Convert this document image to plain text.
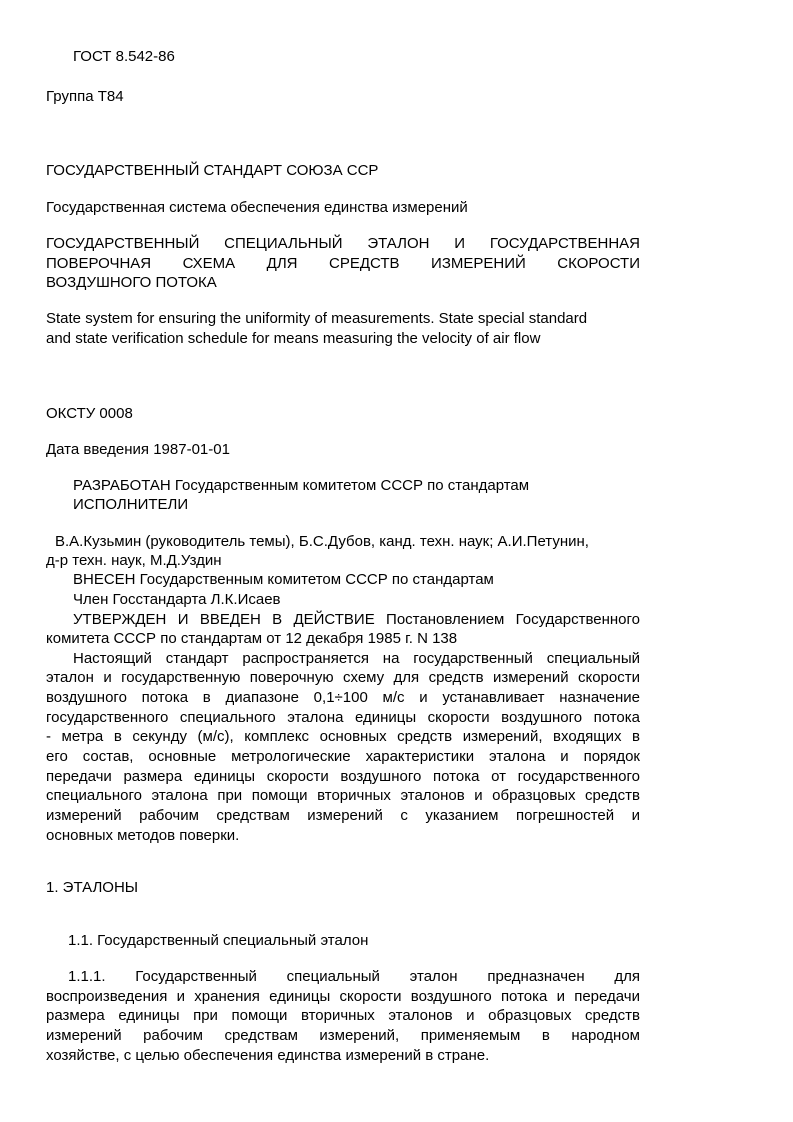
ГОСТ 8.542-86
Группа Т84
ГОСУДАРСТВЕННЫЙ СТАНДАРТ СОЮЗА ССР
Государственная система обеспечения единства измерений
ГОСУДАРСТВЕННЫЙ СПЕЦИАЛЬНЫЙ ЭТАЛОН И ГОСУДАРСТВЕННАЯ
ПОВЕРОЧНАЯ СХЕМА ДЛЯ СРЕДСТВ ИЗМЕРЕНИЙ СКОРОСТИ
ВОЗДУШНОГО ПОТОКА
State system for ensuring the uniformity of measurements. State special standard
and state verification schedule for means measuring the velocity of air flow
ОКСТУ 0008
Дата введения 1987-01-01
РАЗРАБОТАН Государственным комитетом СССР по стандартам
ИСПОЛНИТЕЛИ
В.А.Кузьмин (руководитель темы), Б.С.Дубов, канд. техн. наук; А.И.Петунин,
д-р техн. наук, М.Д.Уздин
ВНЕСЕН Государственным комитетом СССР по стандартам
Член Госстандарта Л.К.Исаев
УТВЕРЖДЕН И ВВЕДЕН В ДЕЙСТВИЕ Постановлением Государственного
комитета СССР по стандартам от 12 декабря 1985 г. N 138
Настоящий стандарт распространяется на государственный специальный
эталон и государственную поверочную схему для средств измерений скорости
воздушного потока в диапазоне 0,1÷100 м/с и устанавливает назначение
государственного специального эталона единицы скорости воздушного потока
- метра в секунду (м/с), комплекс основных средств измерений, входящих в
его состав, основные метрологические характеристики эталона и порядок
передачи размера единицы скорости воздушного потока от государственного
специального эталона при помощи вторичных эталонов и образцовых средств
измерений рабочим средствам измерений с указанием погрешностей и
основных методов поверки.
1. ЭТАЛОНЫ
1.1. Государственный специальный эталон
1.1.1. Государственный специальный эталон предназначен для
воспроизведения и хранения единицы скорости воздушного потока и передачи
размера единицы при помощи вторичных эталонов и образцовых средств
измерений рабочим средствам измерений, применяемым в народном
хозяйстве, с целью обеспечения единства измерений в стране.
